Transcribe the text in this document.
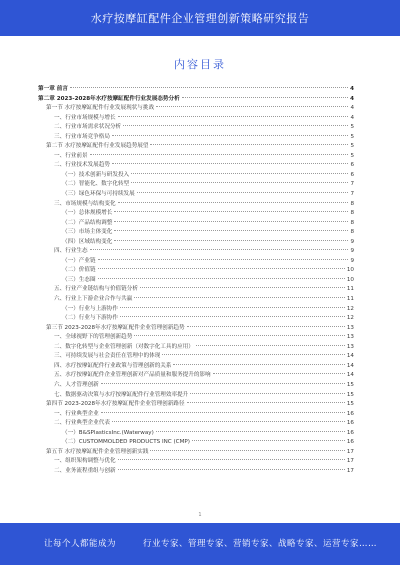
水疗按摩缸配件企业管理创新策略研究报告
内容目录
第一章 前言	4
第二章 2023-2028年水疗按摩缸配件行业发展态势分析	4
第一节 水疗按摩缸配件行业发展现状与挑战	4
一、行业市场规模与增长	4
二、行业市场需求状况分析	5
三、行业市场竞争格局	5
第二节 水疗按摩缸配件行业发展趋势展望	5
一、行业前景	5
二、行业技术发展趋势	6
（一）技术创新与研发投入	6
（二）智能化、数字化转型	7
（三）绿色环保与可持续发展	7
三、市场规模与结构变化	8
（一）总体规模增长	8
（二）产品结构调整	8
（三）市场主体变化	8
（四）区域结构变化	9
四、行业生态	9
（一）产业链	9
（二）价值链	10
（三）生态圈	10
五、行业产业链结构与价值链分析	11
六、行业上下游企业合作与共赢	11
（一）行业与上游协作	12
（二）行业与下游协作	12
第三节 2023-2028年水疗按摩缸配件企业管理创新趋势	13
一、全球视野下的管理创新趋势	13
二、数字化转型与企业管理创新（对数字化工具的应用）	13
三、可持续发展与社会责任在管理中的体现	14
四、水疗按摩缸配件行业政策与管理创新的关系	14
五、水疗按摩缸配件企业管理创新对产品质量和服务提升的影响	14
六、人才管理创新	15
七、数据驱动决策与水疗按摩缸配件行业管理效率提升	15
第四节 2023-2028年水疗按摩缸配件企业管理创新路径	15
一、行业典型企业	16
二、行业典型企业代表	16
（一）B&SPlasticsInc.(Waterway)	16
（二）CUSTOMMOLDED PRODUCTS INC (CMP)	16
第五节 水疗按摩缸配件企业管理创新实践	17
一、组织架构调整与优化	17
二、业务流程重组与创新	17
1
让每个人都能成为	行业专家、管理专家、营销专家、战略专家、运营专家……
